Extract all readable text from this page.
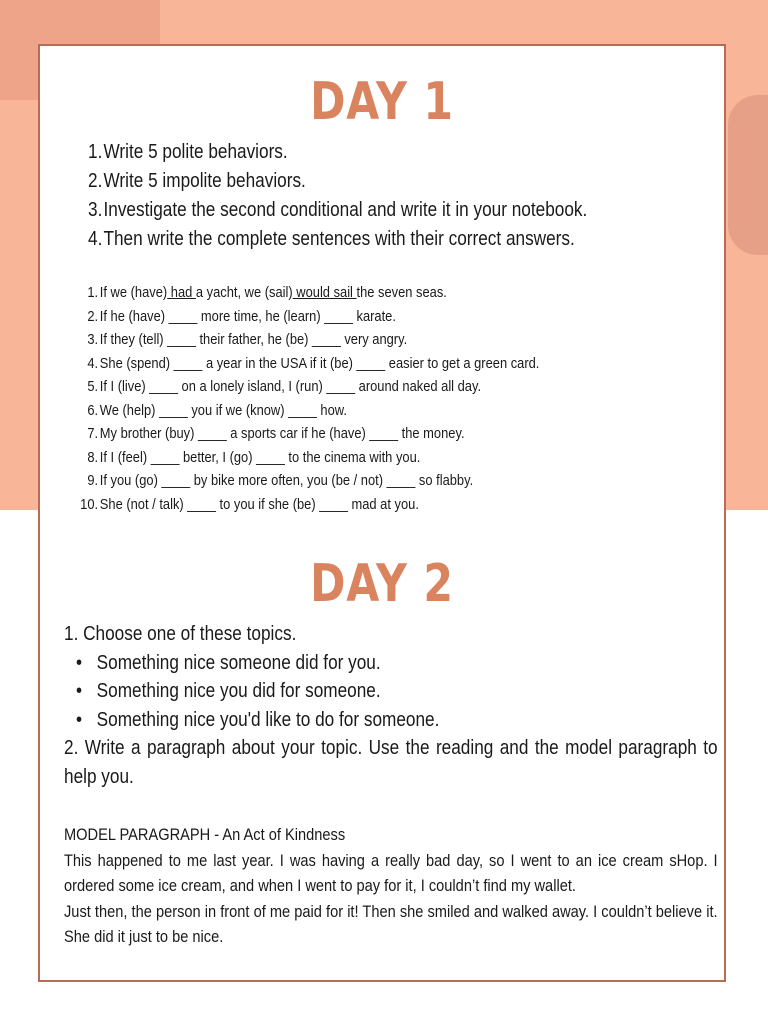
DAY 1
1.Write 5 polite behaviors.
2.Write 5 impolite behaviors.
3.Investigate the second conditional and write it in your notebook.
4.Then write the complete sentences with their correct answers.
1. If we (have) had a yacht, we (sail) would sail the seven seas.
2. If he (have) ____ more time, he (learn) ____ karate.
3. If they (tell) ____ their father, he (be) ____ very angry.
4. She (spend) ____ a year in the USA if it (be) ____ easier to get a green card.
5. If I (live) ____ on a lonely island, I (run) ____ around naked all day.
6. We (help) ____ you if we (know) ____ how.
7. My brother (buy) ____ a sports car if he (have) ____ the money.
8. If I (feel) ____ better, I (go) ____ to the cinema with you.
9. If you (go) ____ by bike more often, you (be / not) ____ so flabby.
10. She (not / talk) ____ to you if she (be) ____ mad at you.
DAY 2
1. Choose one of these topics.
• Something nice someone did for you.
• Something nice you did for someone.
• Something nice you'd like to do for someone.
2. Write a paragraph about your topic. Use the reading and the model paragraph to help you.

MODEL PARAGRAPH - An Act of Kindness

This happened to me last year. I was having a really bad day, so I went to an ice cream sHop. I ordered some ice cream, and when I went to pay for it, I couldn’t find my wallet.

Just then, the person in front of me paid for it! Then she smiled and walked away. I couldn’t believe it. She did it just to be nice.
